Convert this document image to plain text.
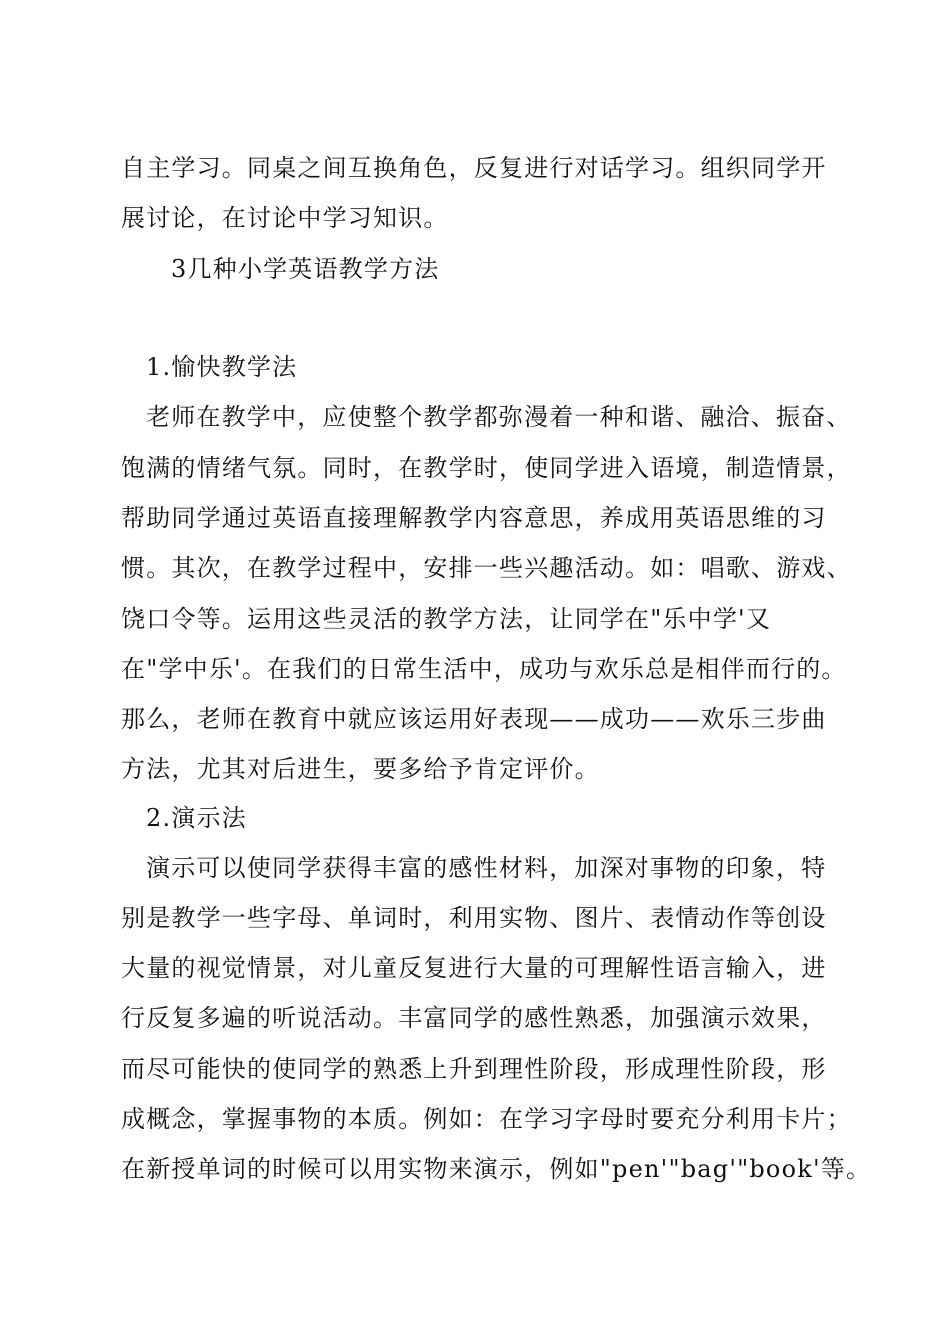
自主学习。同桌之间互换角色，反复进行对话学习。组织同学开
展讨论，在讨论中学习知识。
3几种小学英语教学方法
1.愉快教学法
老师在教学中，应使整个教学都弥漫着一种和谐、融洽、振奋、
饱满的情绪气氛。同时，在教学时，使同学进入语境，制造情景，
帮助同学通过英语直接理解教学内容意思，养成用英语思维的习
惯。其次，在教学过程中，安排一些兴趣活动。如：唱歌、游戏、
饶口令等。运用这些灵活的教学方法，让同学在"乐中学'又
在"学中乐'。在我们的日常生活中，成功与欢乐总是相伴而行的。
那么，老师在教育中就应该运用好表现——成功——欢乐三步曲
方法，尤其对后进生，要多给予肯定评价。
2.演示法
演示可以使同学获得丰富的感性材料，加深对事物的印象，特
别是教学一些字母、单词时，利用实物、图片、表情动作等创设
大量的视觉情景，对儿童反复进行大量的可理解性语言输入，进
行反复多遍的听说活动。丰富同学的感性熟悉，加强演示效果，
而尽可能快的使同学的熟悉上升到理性阶段，形成理性阶段，形
成概念，掌握事物的本质。例如：在学习字母时要充分利用卡片；
在新授单词的时候可以用实物来演示，例如"pen'"bag'"book'等。
